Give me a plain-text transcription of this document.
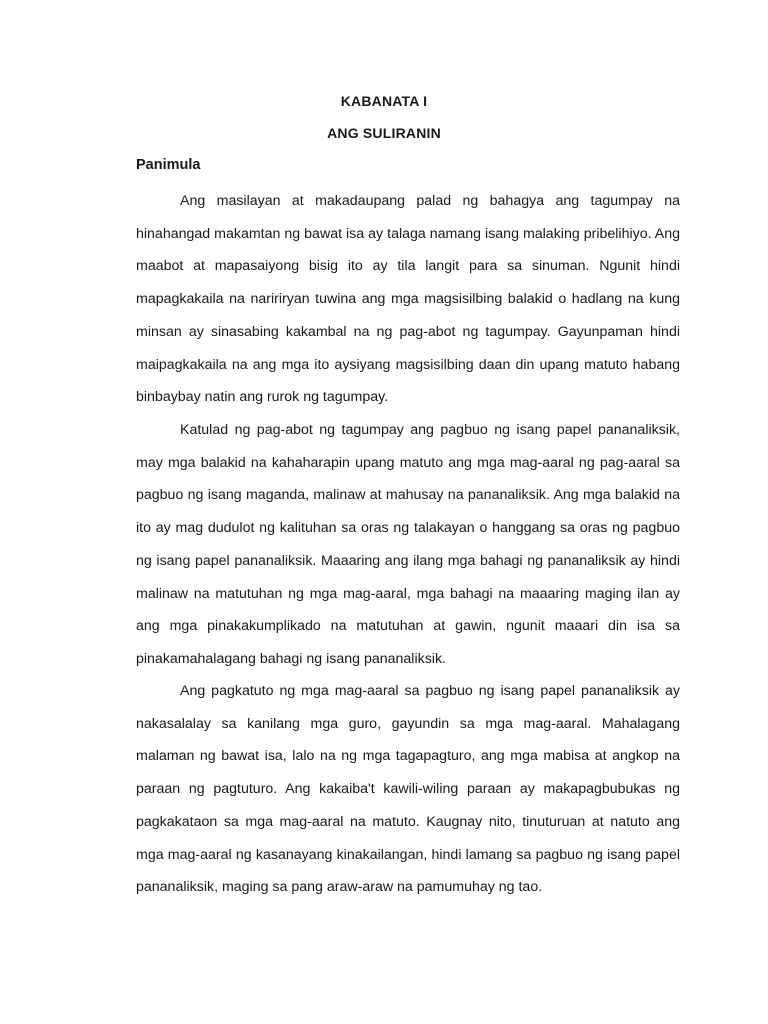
KABANATA I
ANG SULIRANIN
Panimula

Ang masilayan at makadaupang palad ng bahagya ang tagumpay na hinahangad makamtan ng bawat isa ay talaga namang isang malaking pribelihiyo. Ang maabot at mapasaiyong bisig ito ay tila langit para sa sinuman. Ngunit hindi mapagkakaila na naririryan tuwina ang mga magsisilbing balakid o hadlang na kung minsan ay sinasabing kakambal na ng pag-abot ng tagumpay. Gayunpaman hindi maipagkakaila na ang mga ito aysiyang magsisilbing daan din upang matuto habang binbaybay natin ang rurok ng tagumpay.

Katulad ng pag-abot ng tagumpay ang pagbuo ng isang papel pananaliksik, may mga balakid na kahaharapin upang matuto ang mga mag-aaral ng pag-aaral sa pagbuo ng isang maganda, malinaw at mahusay na pananaliksik. Ang mga balakid na ito ay mag dudulot ng kalituhan sa oras ng talakayan o hanggang sa oras ng pagbuo ng isang papel pananaliksik. Maaaring ang ilang mga bahagi ng pananaliksik ay hindi malinaw na matutuhan ng mga mag-aaral, mga bahagi na maaaring maging ilan ay ang mga pinakakumplikado na matutuhan at gawin, ngunit maaari din isa sa pinakamahalagang bahagi ng isang pananaliksik.

Ang pagkatuto ng mga mag-aaral sa pagbuo ng isang papel pananaliksik ay nakasalalay sa kanilang mga guro, gayundin sa mga mag-aaral. Mahalagang malaman ng bawat isa, lalo na ng mga tagapagturo, ang mga mabisa at angkop na paraan ng pagtuturo. Ang kakaiba't kawili-wiling paraan ay makapagbubukas ng pagkakataon sa mga mag-aaral na matuto. Kaugnay nito, tinuturuan at natuto ang mga mag-aaral ng kasanayang kinakailangan, hindi lamang sa pagbuo ng isang papel pananaliksik, maging sa pang araw-araw na pamumuhay ng tao.
